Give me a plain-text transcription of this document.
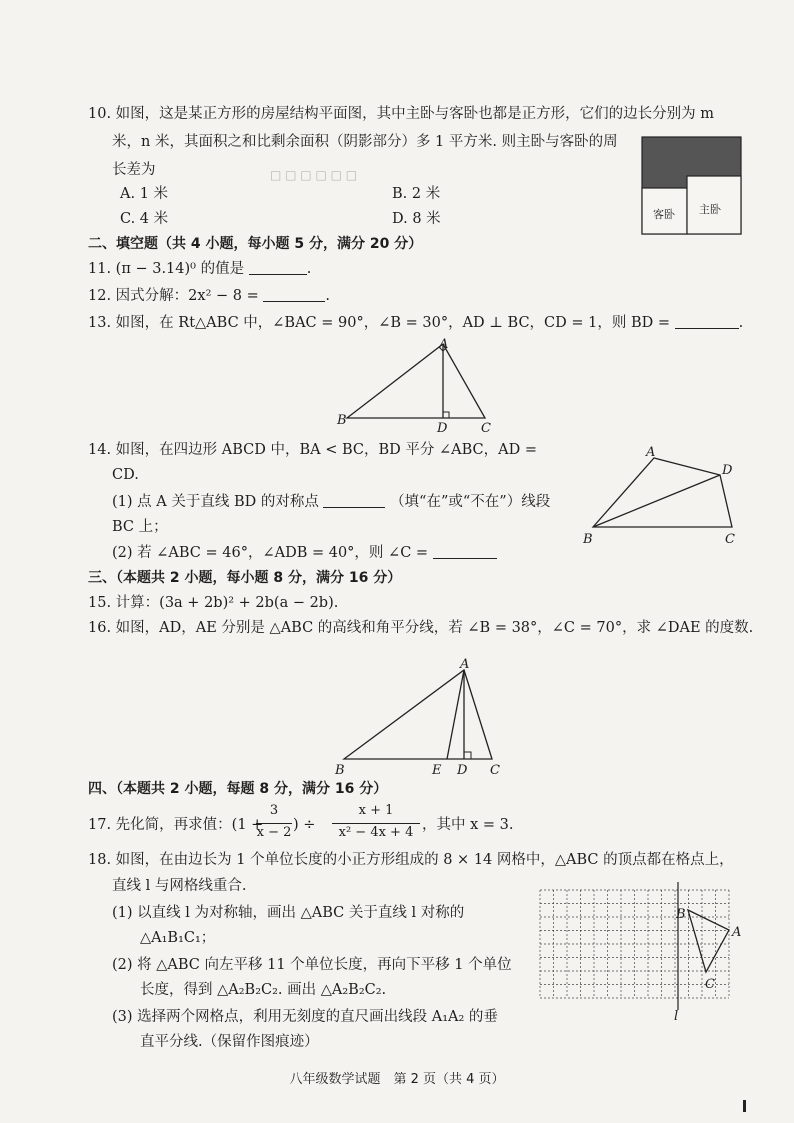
□ □ □ □ □ □
10. 如图，这是某正方形的房屋结构平面图，其中主卧与客卧也都是正方形，它们的边长分别为 m
米，n 米，其面积之和比剩余面积（阴影部分）多 1 平方米. 则主卧与客卧的周
长差为
A. 1 米	B. 2 米
C. 4 米	D. 8 米	客卧 主卧
二、填空题（共 4 小题，每小题 5 分，满分 20 分）
11. (π − 3.14)⁰ 的值是	.
12. 因式分解：2x² − 8 =	.
13. 如图，在 Rt△ABC 中，∠BAC = 90°，∠B = 30°，AD ⊥ BC，CD = 1，则 BD =	.
A
B
D	C
14. 如图，在四边形 ABCD 中，BA < BC，BD 平分 ∠ABC，AD =
CD.
(1) 点 A 关于直线 BD 的对称点	（填“在”或“不在”）线段
BC 上；
(2) 若 ∠ABC = 46°，∠ADB = 40°，则 ∠C =
A
D
B	C
三、（本题共 2 小题，每小题 8 分，满分 16 分）
15. 计算：(3a + 2b)² + 2b(a − 2b).
16. 如图，AD，AE 分别是 △ABC 的高线和角平分线，若 ∠B = 38°，∠C = 70°，求 ∠DAE 的度数.
A
B	E D C
四、（本题共 2 小题，每题 8 分，满分 16 分）
17. 先化简，再求值：(1 +
3
x − 2 ) ÷
x + 1
x² − 4x + 4 ，其中 x = 3.
18. 如图，在由边长为 1 个单位长度的小正方形组成的 8 × 14 网格中，△ABC 的顶点都在格点上，
直线 l 与网格线重合.
(1) 以直线 l 为对称轴，画出 △ABC 关于直线 l 对称的
△A₁B₁C₁；
(2) 将 △ABC 向左平移 11 个单位长度，再向下平移 1 个单位
长度，得到 △A₂B₂C₂. 画出 △A₂B₂C₂.
(3) 选择两个网格点，利用无刻度的直尺画出线段 A₁A₂ 的垂
直平分线.（保留作图痕迹）
B
A
C
l
八年级数学试题　第 2 页（共 4 页）
